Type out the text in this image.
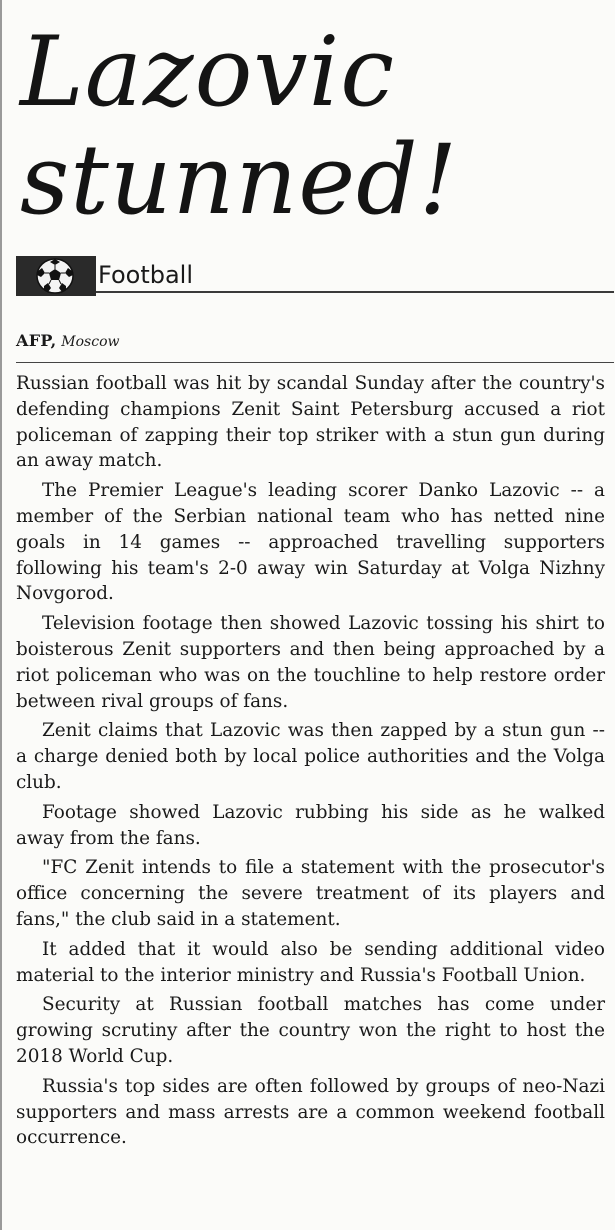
Lazovic
stunned!
Football
AFP, Moscow

Russian football was hit by scandal Sunday after the country's defending champions Zenit Saint Petersburg accused a riot policeman of zapping their top striker with a stun gun during an away match.

The Premier League's leading scorer Danko Lazovic -- a member of the Serbian national team who has netted nine goals in 14 games -- approached travelling supporters following his team's 2-0 away win Saturday at Volga Nizhny Novgorod.

Television footage then showed Lazovic tossing his shirt to boisterous Zenit supporters and then being approached by a riot policeman who was on the touchline to help restore order between rival groups of fans.

Zenit claims that Lazovic was then zapped by a stun gun -- a charge denied both by local police authorities and the Volga club.

Footage showed Lazovic rubbing his side as he walked away from the fans.

"FC Zenit intends to file a statement with the prosecutor's office concerning the severe treatment of its players and fans," the club said in a statement.

It added that it would also be sending additional video material to the interior ministry and Russia's Football Union.

Security at Russian football matches has come under growing scrutiny after the country won the right to host the 2018 World Cup.

Russia's top sides are often followed by groups of neo-Nazi supporters and mass arrests are a common weekend football occurrence.
